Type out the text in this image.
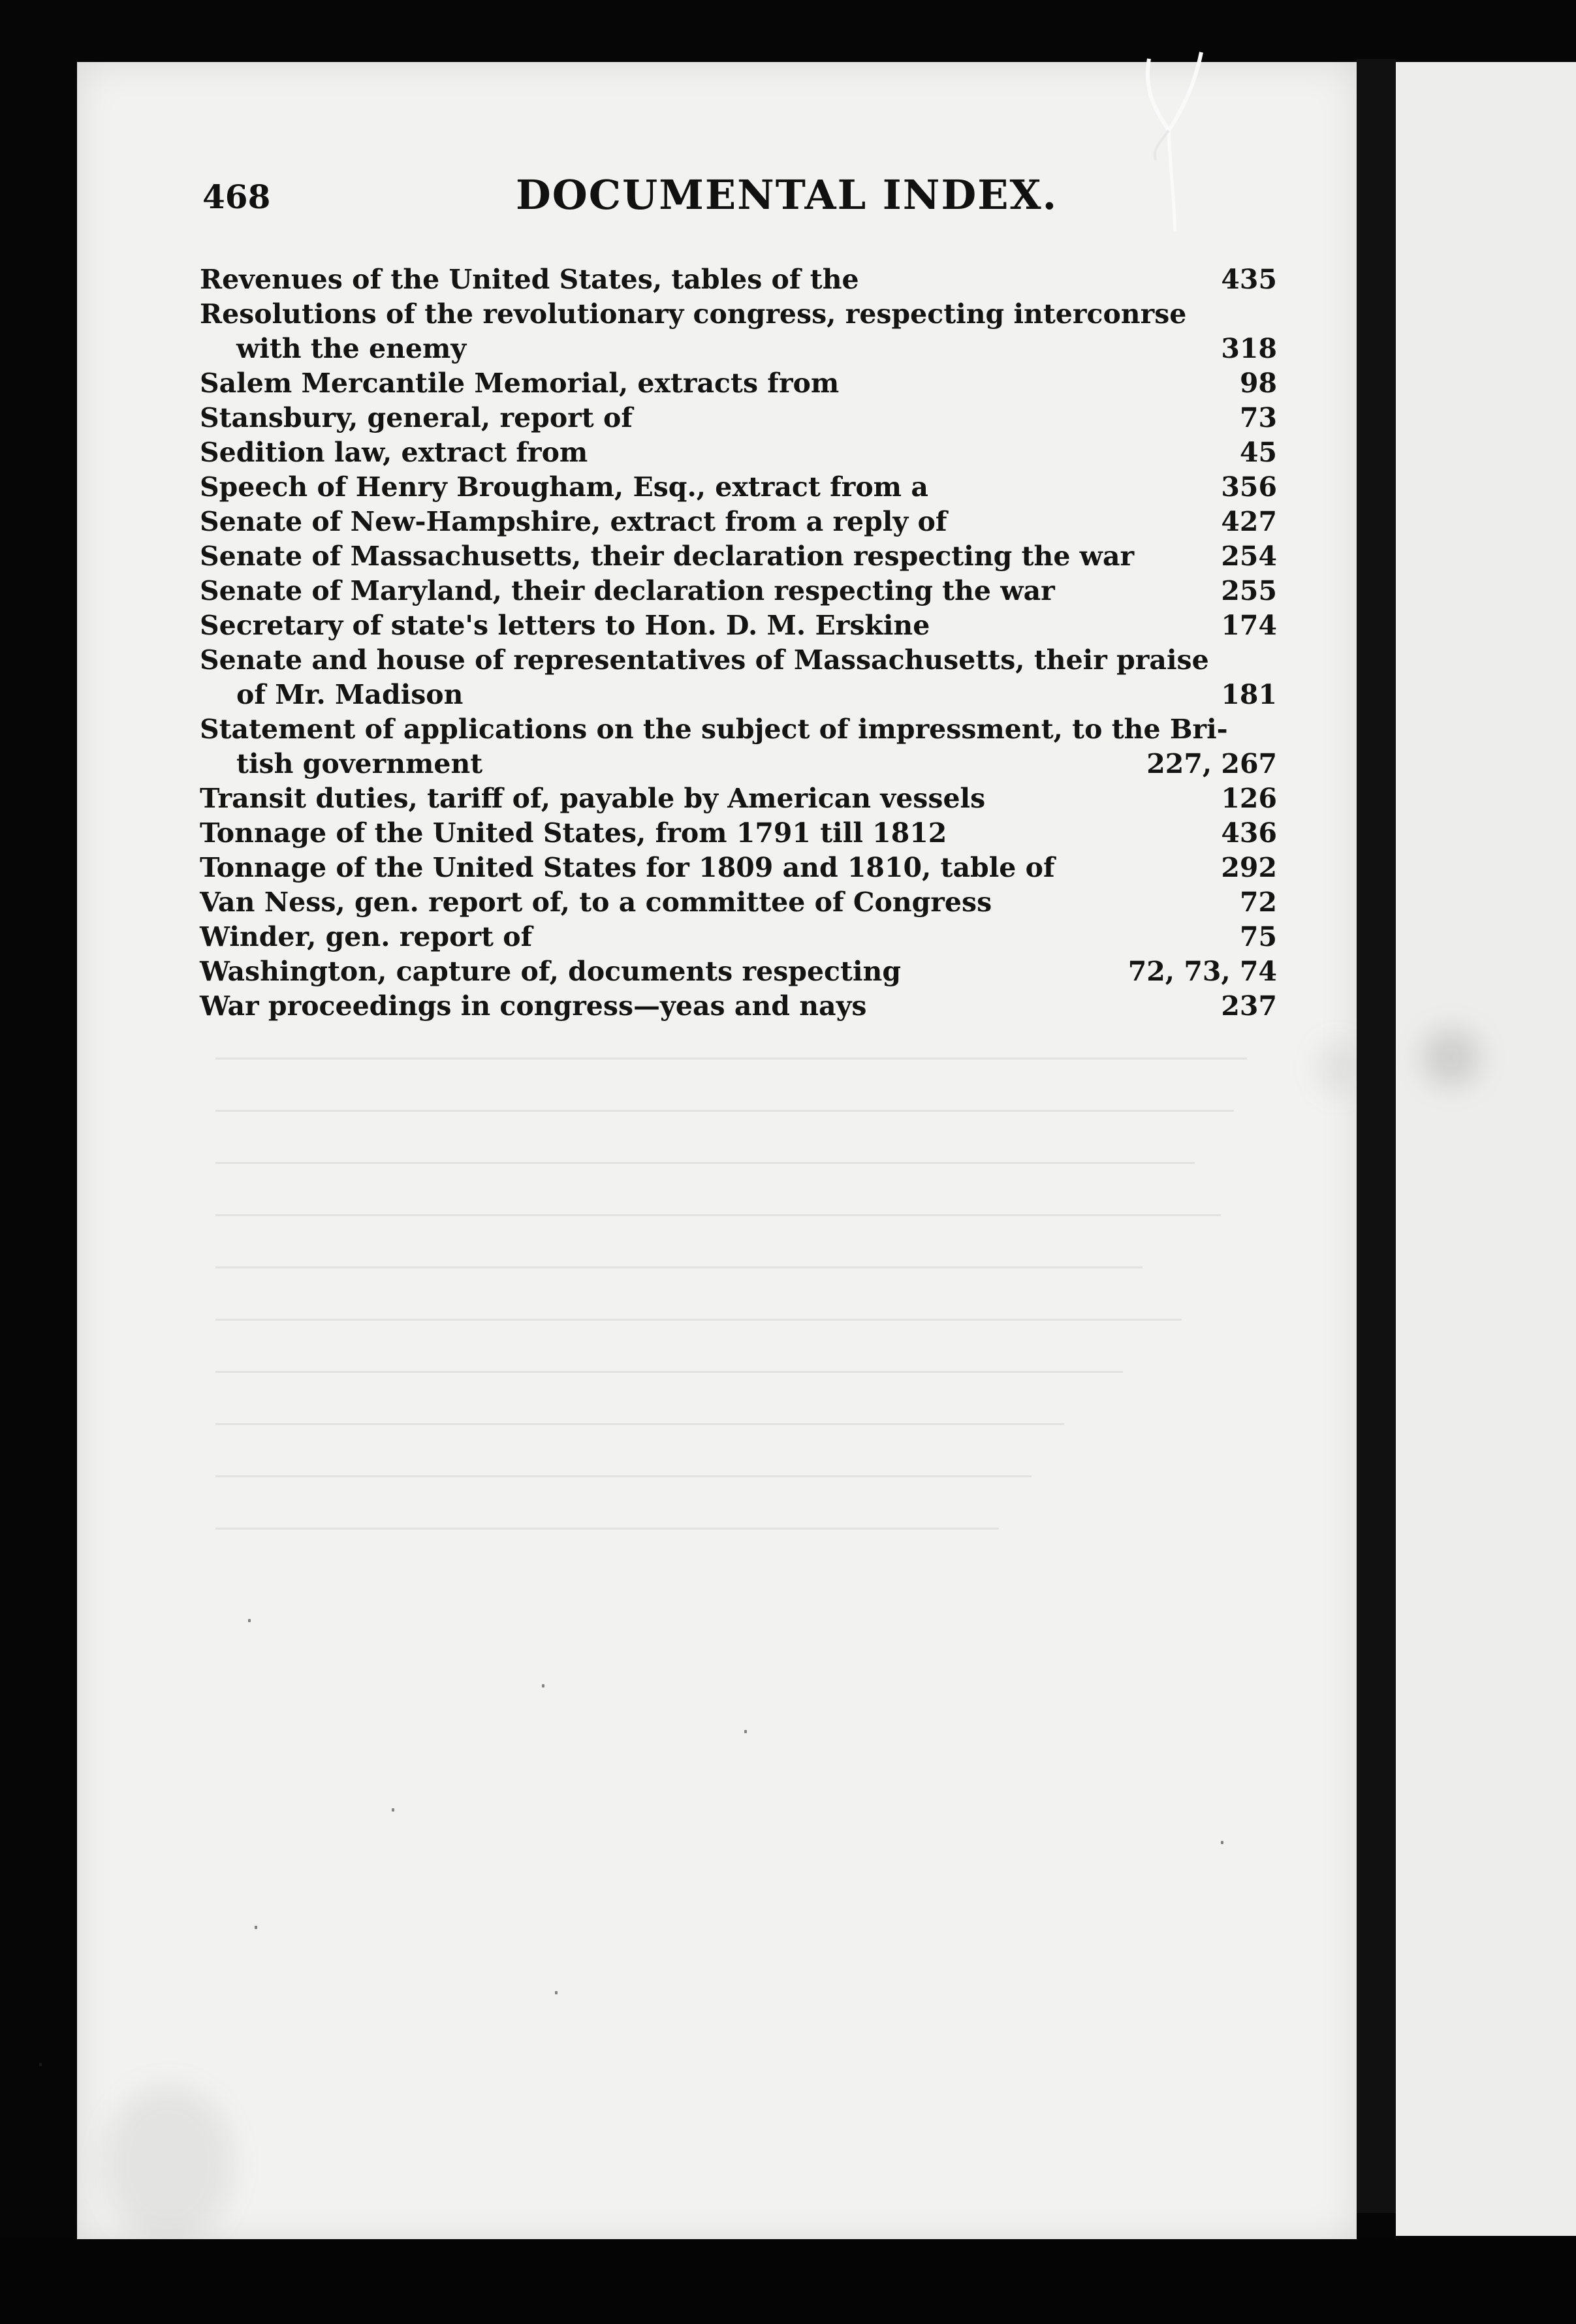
468	DOCUMENTAL INDEX.
Revenues of the United States, tables of the	435
Resolutions of the revolutionary congress, respecting interconrse
with the enemy	318
Salem Mercantile Memorial, extracts from	98
Stansbury, general, report of	73
Sedition law, extract from	45
Speech of Henry Brougham, Esq., extract from a	356
Senate of New-Hampshire, extract from a reply of	427
Senate of Massachusetts, their declaration respecting the war	254
Senate of Maryland, their declaration respecting the war	255
Secretary of state's letters to Hon. D. M. Erskine	174
Senate and house of representatives of Massachusetts, their praise
of Mr. Madison	181
Statement of applications on the subject of impressment, to the Bri-
tish government	227, 267
Transit duties, tariff of, payable by American vessels	126
Tonnage of the United States, from 1791 till 1812	436
Tonnage of the United States for 1809 and 1810, table of	292
Van Ness, gen. report of, to a committee of Congress	72
Winder, gen. report of	75
Washington, capture of, documents respecting	72, 73, 74
War proceedings in congress—yeas and nays	237
